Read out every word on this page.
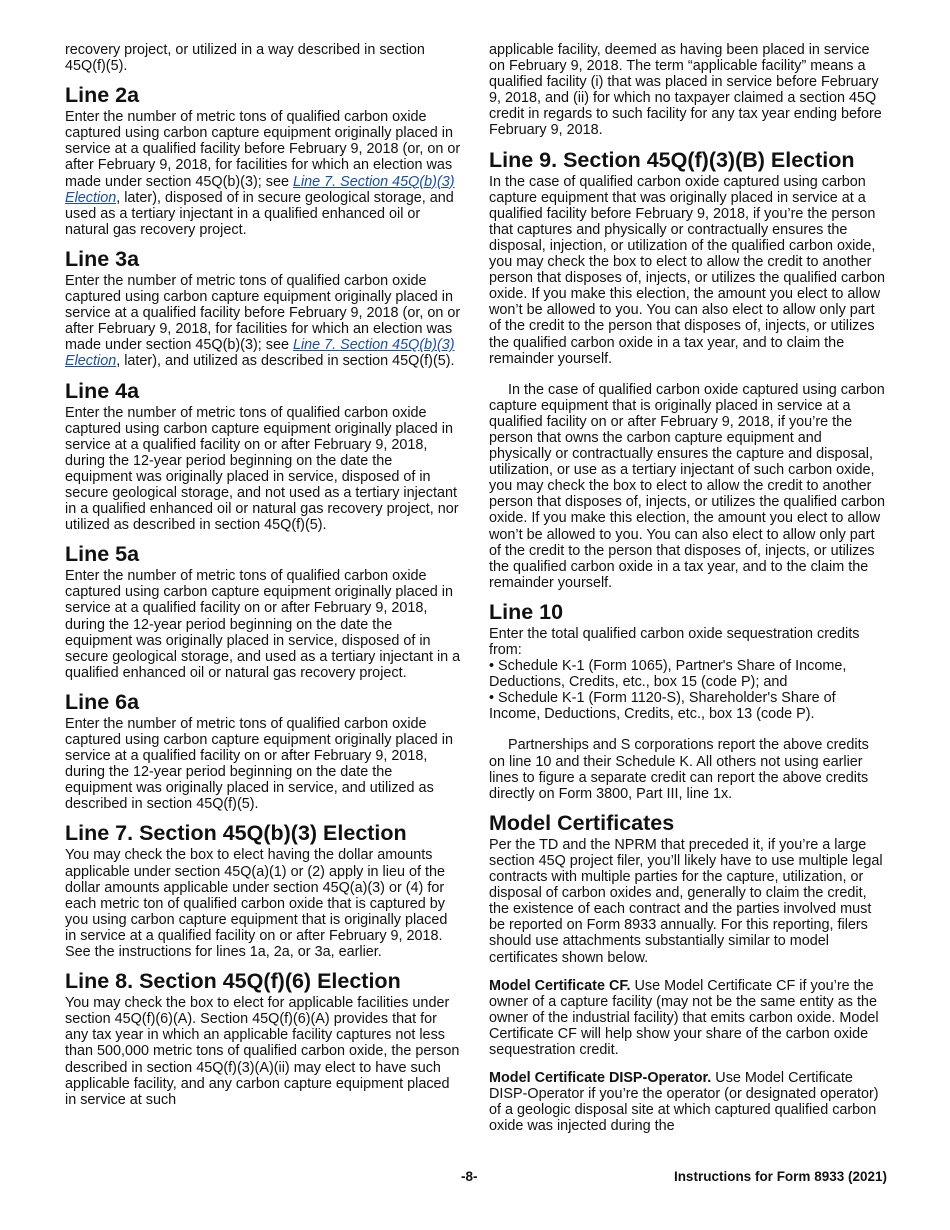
recovery project, or utilized in a way described in section 45Q(f)(5).

Line 2a

Enter the number of metric tons of qualified carbon oxide captured using carbon capture equipment originally placed in service at a qualified facility before February 9, 2018 (or, on or after February 9, 2018, for facilities for which an election was made under section 45Q(b)(3); see Line 7. Section 45Q(b)(3) Election, later), disposed of in secure geological storage, and used as a tertiary injectant in a qualified enhanced oil or natural gas recovery project.

Line 3a

Enter the number of metric tons of qualified carbon oxide captured using carbon capture equipment originally placed in service at a qualified facility before February 9, 2018 (or, on or after February 9, 2018, for facilities for which an election was made under section 45Q(b)(3); see Line 7. Section 45Q(b)(3) Election, later), and utilized as described in section 45Q(f)(5).

Line 4a

Enter the number of metric tons of qualified carbon oxide captured using carbon capture equipment originally placed in service at a qualified facility on or after February 9, 2018, during the 12-year period beginning on the date the equipment was originally placed in service, disposed of in secure geological storage, and not used as a tertiary injectant in a qualified enhanced oil or natural gas recovery project, nor utilized as described in section 45Q(f)(5).

Line 5a

Enter the number of metric tons of qualified carbon oxide captured using carbon capture equipment originally placed in service at a qualified facility on or after February 9, 2018, during the 12-year period beginning on the date the equipment was originally placed in service, disposed of in secure geological storage, and used as a tertiary injectant in a qualified enhanced oil or natural gas recovery project.

Line 6a

Enter the number of metric tons of qualified carbon oxide captured using carbon capture equipment originally placed in service at a qualified facility on or after February 9, 2018, during the 12-year period beginning on the date the equipment was originally placed in service, and utilized as described in section 45Q(f)(5).

Line 7. Section 45Q(b)(3) Election

You may check the box to elect having the dollar amounts applicable under section 45Q(a)(1) or (2) apply in lieu of the dollar amounts applicable under section 45Q(a)(3) or (4) for each metric ton of qualified carbon oxide that is captured by you using carbon capture equipment that is originally placed in service at a qualified facility on or after February 9, 2018. See the instructions for lines 1a, 2a, or 3a, earlier.

Line 8. Section 45Q(f)(6) Election

You may check the box to elect for applicable facilities under section 45Q(f)(6)(A). Section 45Q(f)(6)(A) provides that for any tax year in which an applicable facility captures not less than 500,000 metric tons of qualified carbon oxide, the person described in section 45Q(f)(3)(A)(ii) may elect to have such applicable facility, and any carbon capture equipment placed in service at such

applicable facility, deemed as having been placed in service on February 9, 2018. The term “applicable facility” means a qualified facility (i) that was placed in service before February 9, 2018, and (ii) for which no taxpayer claimed a section 45Q credit in regards to such facility for any tax year ending before February 9, 2018.

Line 9. Section 45Q(f)(3)(B) Election

In the case of qualified carbon oxide captured using carbon capture equipment that was originally placed in service at a qualified facility before February 9, 2018, if you’re the person that captures and physically or contractually ensures the disposal, injection, or utilization of the qualified carbon oxide, you may check the box to elect to allow the credit to another person that disposes of, injects, or utilizes the qualified carbon oxide. If you make this election, the amount you elect to allow won’t be allowed to you. You can also elect to allow only part of the credit to the person that disposes of, injects, or utilizes the qualified carbon oxide in a tax year, and to claim the remainder yourself.

In the case of qualified carbon oxide captured using carbon capture equipment that is originally placed in service at a qualified facility on or after February 9, 2018, if you’re the person that owns the carbon capture equipment and physically or contractually ensures the capture and disposal, utilization, or use as a tertiary injectant of such carbon oxide, you may check the box to elect to allow the credit to another person that disposes of, injects, or utilizes the qualified carbon oxide. If you make this election, the amount you elect to allow won’t be allowed to you. You can also elect to allow only part of the credit to the person that disposes of, injects, or utilizes the qualified carbon oxide in a tax year, and to the claim the remainder yourself.

Line 10

Enter the total qualified carbon oxide sequestration credits from:

• Schedule K-1 (Form 1065), Partner's Share of Income, Deductions, Credits, etc., box 15 (code P); and

• Schedule K-1 (Form 1120-S), Shareholder's Share of Income, Deductions, Credits, etc., box 13 (code P).

Partnerships and S corporations report the above credits on line 10 and their Schedule K. All others not using earlier lines to figure a separate credit can report the above credits directly on Form 3800, Part III, line 1x.

Model Certificates

Per the TD and the NPRM that preceded it, if you’re a large section 45Q project filer, you’ll likely have to use multiple legal contracts with multiple parties for the capture, utilization, or disposal of carbon oxides and, generally to claim the credit, the existence of each contract and the parties involved must be reported on Form 8933 annually. For this reporting, filers should use attachments substantially similar to model certificates shown below.

Model Certificate CF. Use Model Certificate CF if you’re the owner of a capture facility (may not be the same entity as the owner of the industrial facility) that emits carbon oxide. Model Certificate CF will help show your share of the carbon oxide sequestration credit.

Model Certificate DISP-Operator. Use Model Certificate DISP-Operator if you’re the operator (or designated operator) of a geologic disposal site at which captured qualified carbon oxide was injected during the

-8-	Instructions for Form 8933 (2021)
